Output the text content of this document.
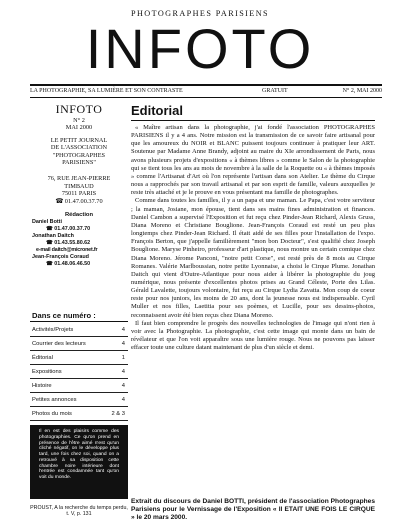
PHOTOGRAPHES PARISIENS
INFOTO
LA PHOTOGRAPHIE, SA LUMIÈRE ET SON CONTRASTE	GRATUIT	N° 2, MAI 2000
INFOTO
N° 2
MAI 2000
LE PETIT JOURNAL
DE L'ASSOCIATION
"PHOTOGRAPHES
PARISIENS"
76, RUE JEAN-PIERRE
TIMBAUD
75011 PARIS
☎ 01.47.00.37.70
Rédaction
Daniel Botti
☎ 01.47.00.37.70
Jonathan Daitch
☎ 01.43.55.80.62
e-mail daitch@micronet.fr
Jean-François Coraud
☎ 01.48.06.46.50
Dans ce numéro :
Activités/Projets	4
Courrier des lecteurs	4
Éditorial	1
Expositions	4
Histoire	4
Petites annonces	4
Photos du mois	2 & 3
Il en est des plaisirs comme des photographies. Ce qu'on prend en présence de l'être aimé n'est qu'un cliché négatif, on le développe plus tard, une fois chez soi, quand on a retrouvé à sa disposition cette chambre noire intérieure dont l'entrée est condamnée tant qu'on voit du monde.
PROUST, A la recherche du temps perdu, t. V, p. 131
Editorial

« Maître artisan dans la photographie, j'ai fondé l'association PHOTOGRAPHES PARISIENS il y a 4 ans. Notre mission est la transmission de ce savoir faire artisanal pour que les amoureux du NOIR et BLANC puissent toujours continuer à pratiquer leur ART. Soutenue par Madame Anne Brandy, adjoint au maire du XIe arrondissement de Paris, nous avons plusieurs projets d'expositions « à thèmes libres » comme le Salon de la photographie qui se tient tous les ans au mois de novembre à la salle de la Roquette ou « à thèmes imposés » comme l'Artisanat d'Art où l'on représente l'artisan dans son Atelier. Le thème du Cirque nous a rapprochés par son travail artisanal et par son esprit de famille, valeurs auxquelles je reste très attaché et je le prouve en vous présentant ma famille de photographes.

Comme dans toutes les familles, il y a un papa et une maman. Le Papa, c'est votre serviteur ; la maman, Josiane, mon épouse, tient dans ses mains fines administration et finances. Daniel Cambon a supervisé l'Exposition et fut reçu chez Pinder-Jean Richard, Alexis Gruss, Diana Moreno et Christiane Bouglione. Jean-François Coraud est resté un peu plus longtemps chez Pinder-Jean Richard. Il était aidé de ses filles pour l'installation de l'expo. François Berton, que j'appelle familièrement "mon bon Docteur", s'est qualifié chez Joseph Bouglione. Maryse Pinheiro, professeur d'art plastique, nous montre un certain comique chez Diana Moreno. Jérome Panconi, "notre petit Corse", est resté près de 8 mois au Cirque Romanes. Valérie Marlboussian, notre petite Lyonnaise, a choisi le Cirque Plume. Jonathan Daitch qui vient d'Outre-Atlantique pour nous aider à libérer la photographie du joug numérique, nous présente d'excellentes photos prises au Grand Céleste, Porte des Lilas. Gérald Lavalette, toujours volontaire, fut reçu au Cirque Lydia Zavatta. Mon coup de coeur reste pour nos juniors, les moins de 20 ans, dont la jeunesse nous est indispensable. Cyril Muller et nos filles, Laetitia pour ses poèmes, et Lucille, pour ses dessins-photos, reconnaissent avoir été bien reçus chez Diana Moreno.

Il faut bien comprendre le progrès des nouvelles technologies de l'image qui n'ont rien à voir avec la Photographie. La photographie, c'est cette image qui monte dans un bain de révélateur et que l'on voit apparaître sous une lumière rouge. Nous ne pouvons pas laisser effacer toute une culture datant maintenant de plus d'un siècle et demi.

Extrait du discours de Daniel BOTTI, président de l'association Photographes Parisiens pour le Vernissage de l'Exposition « Il ETAIT UNE FOIS LE CIRQUE » le 20 mars 2000.
